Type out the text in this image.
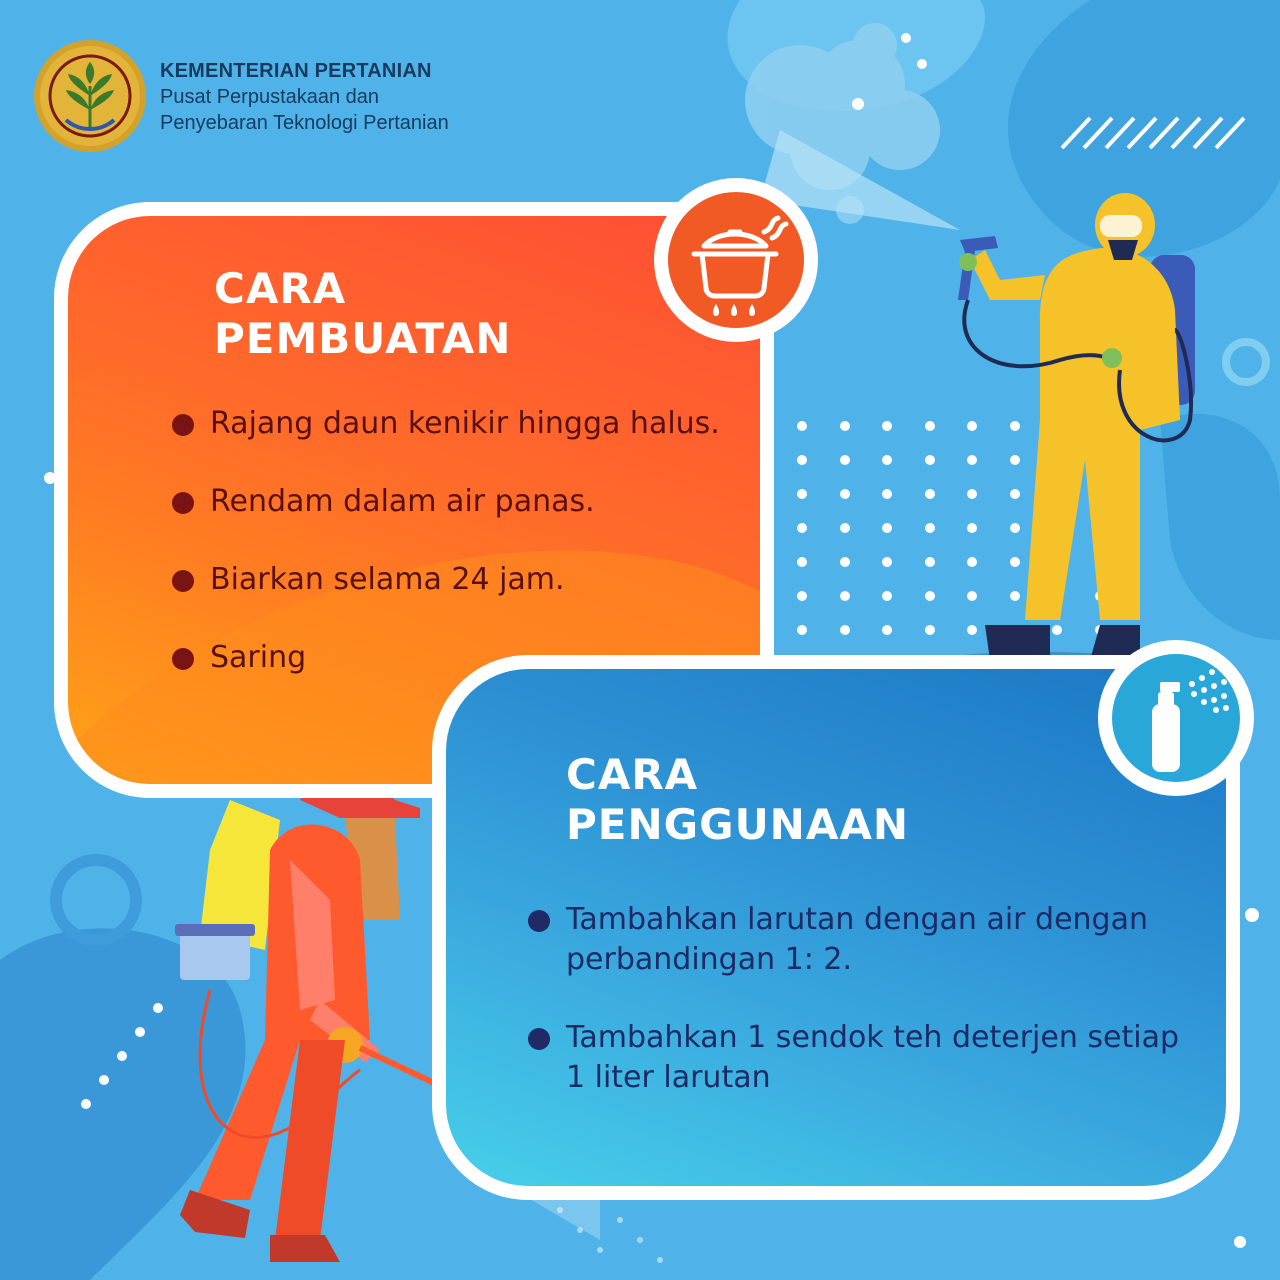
KEMENTERIAN PERTANIAN
Pusat Perpustakaan dan
Penyebaran Teknologi Pertanian
CARA
PEMBUATAN
Rajang daun kenikir hingga halus.
Rendam dalam air panas.
Biarkan selama 24 jam.
Saring
CARA
PENGGUNAAN
Tambahkan larutan dengan air dengan perbandingan 1: 2.
Tambahkan 1 sendok teh deterjen setiap 1 liter larutan
